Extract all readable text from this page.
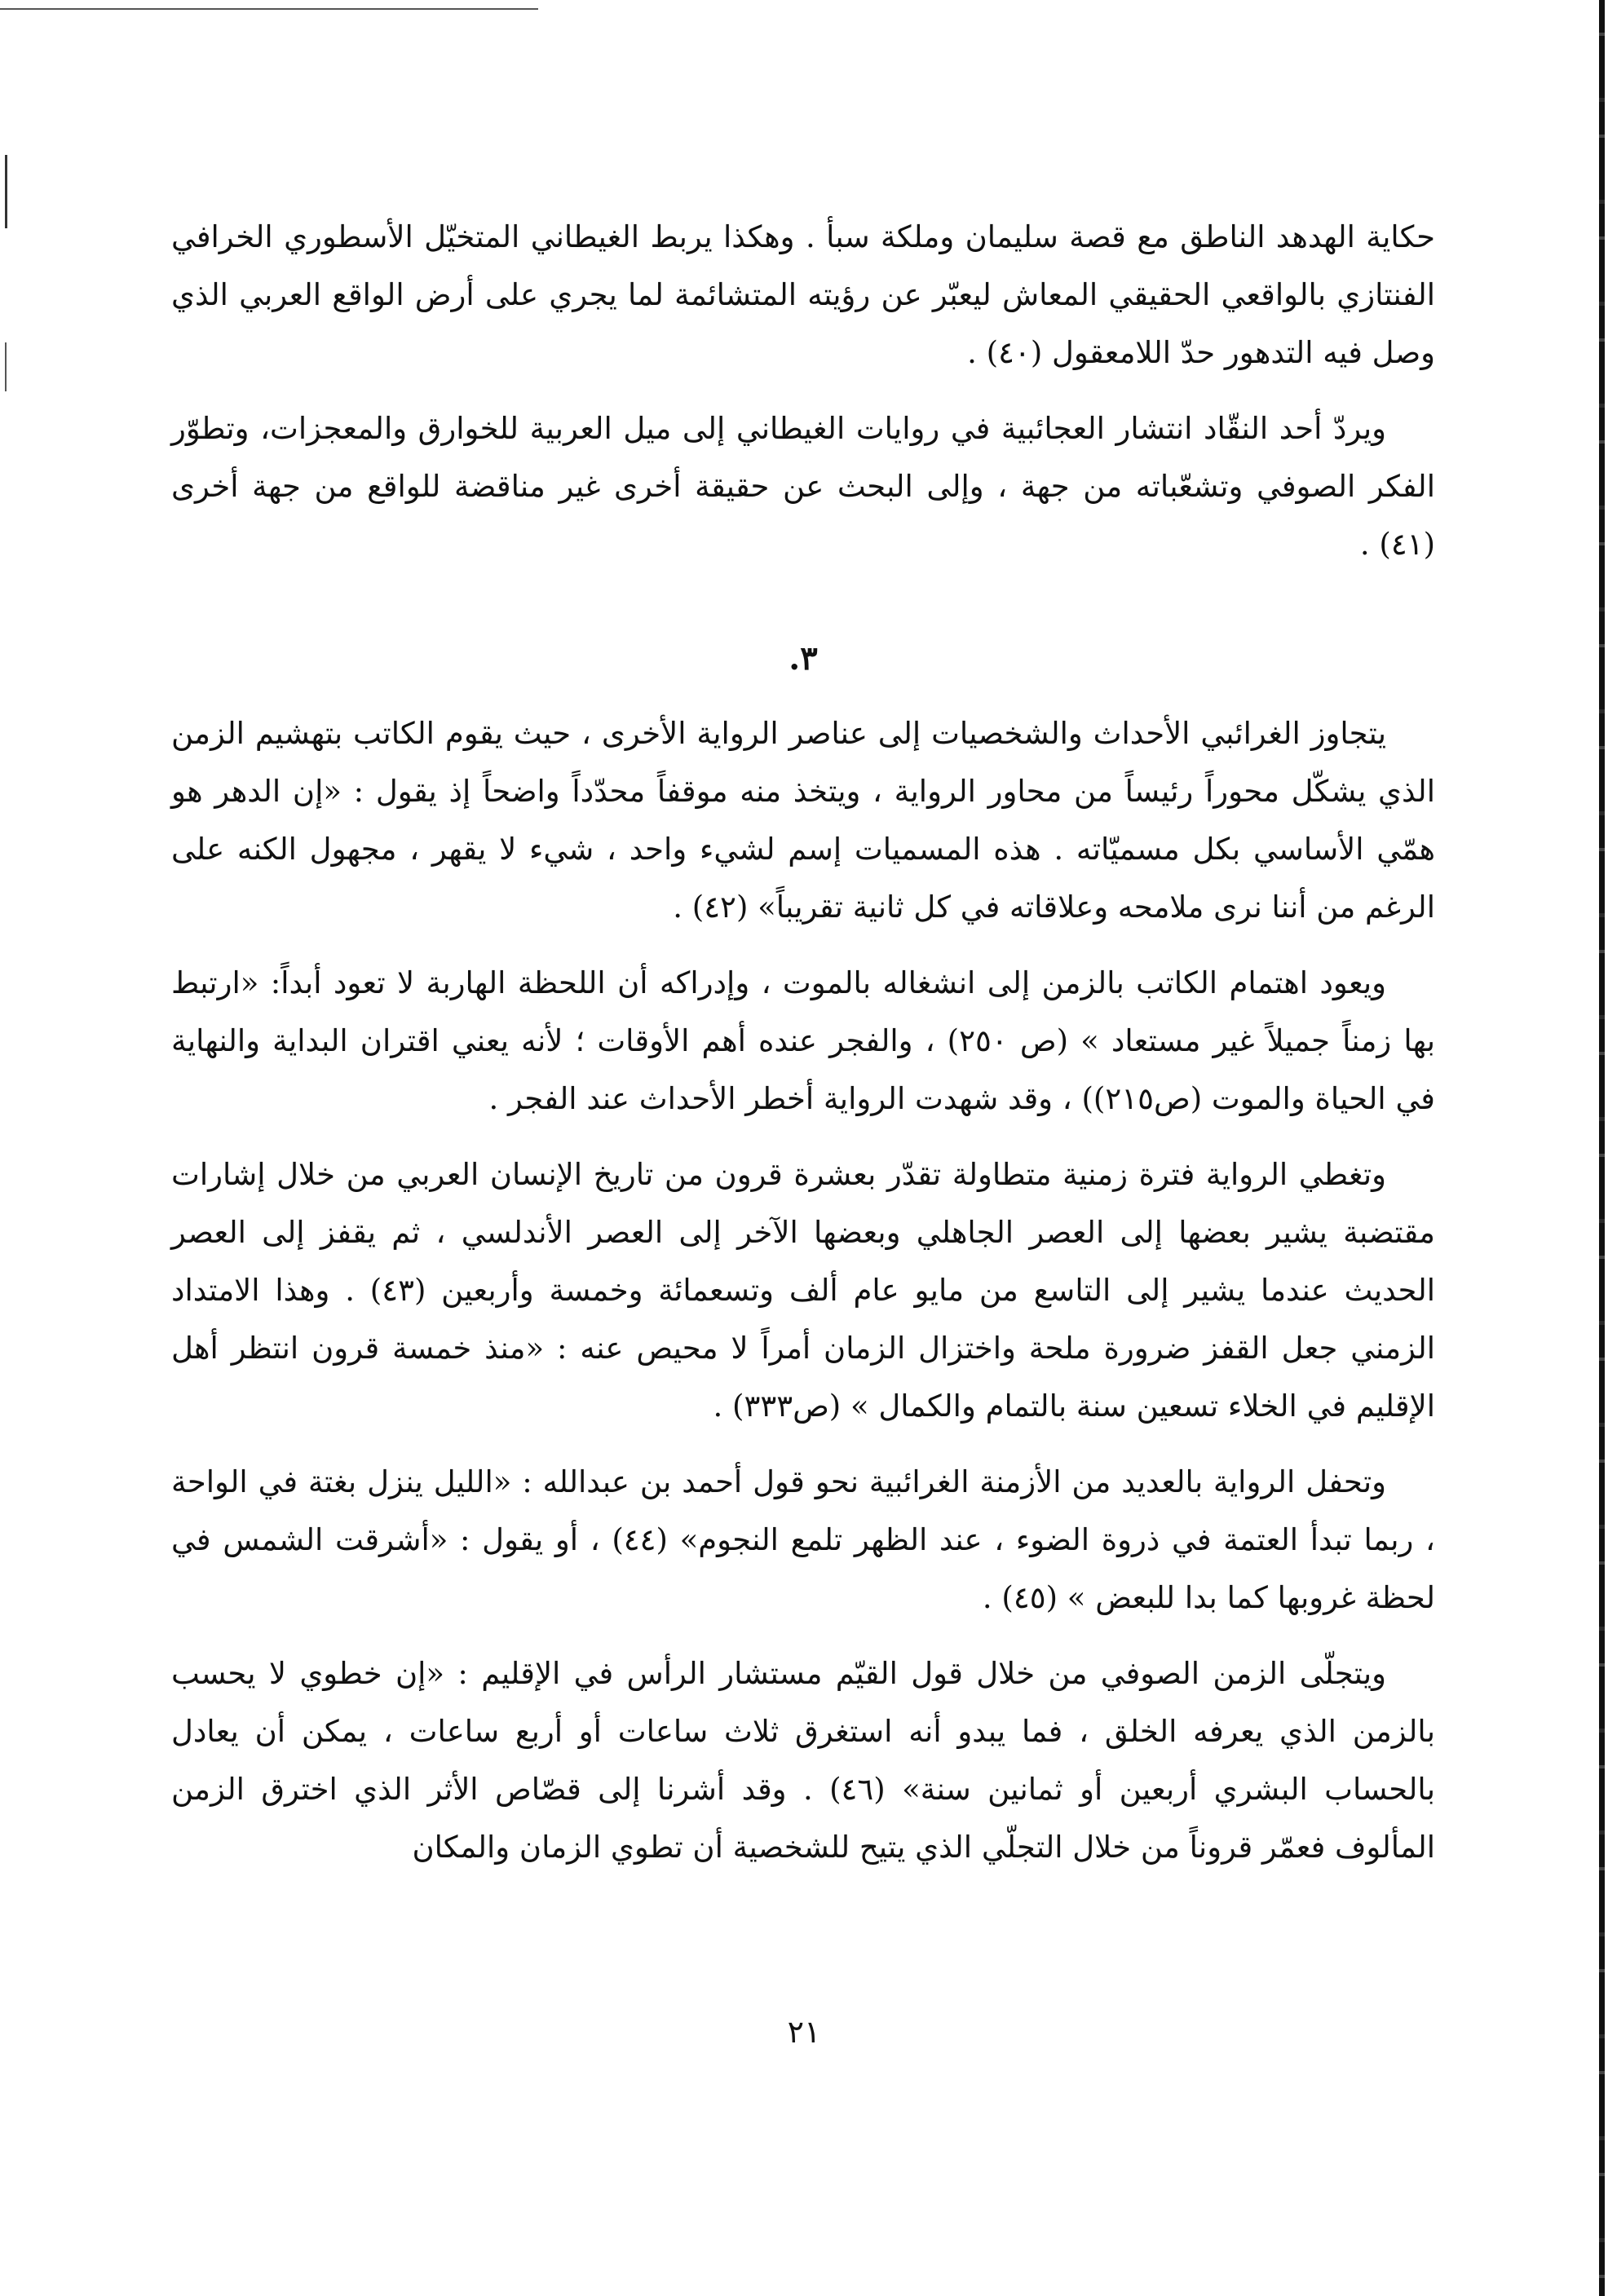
حكاية الهدهد الناطق مع قصة سليمان وملكة سبأ . وهكذا يربط الغيطاني المتخيّل الأسطوري الخرافي الفنتازي بالواقعي الحقيقي المعاش ليعبّر عن رؤيته المتشائمة لما يجري على أرض الواقع العربي الذي وصل فيه التدهور حدّ اللامعقول (٤٠) .

ويردّ أحد النقّاد انتشار العجائبية في روايات الغيطاني إلى ميل العربية للخوارق والمعجزات، وتطوّر الفكر الصوفي وتشعّباته من جهة ، وإلى البحث عن حقيقة أخرى غير مناقضة للواقع من جهة أخرى (٤١) .

٣.

يتجاوز الغرائبي الأحداث والشخصيات إلى عناصر الرواية الأخرى ، حيث يقوم الكاتب بتهشيم الزمن الذي يشكّل محوراً رئيساً من محاور الرواية ، ويتخذ منه موقفاً محدّداً واضحاً إذ يقول : «إن الدهر هو همّي الأساسي بكل مسميّاته . هذه المسميات إسم لشيء واحد ، شيء لا يقهر ، مجهول الكنه على الرغم من أننا نرى ملامحه وعلاقاته في كل ثانية تقريباً» (٤٢) .

ويعود اهتمام الكاتب بالزمن إلى انشغاله بالموت ، وإدراكه أن اللحظة الهاربة لا تعود أبداً: «ارتبط بها زمناً جميلاً غير مستعاد » (ص ٢٥٠) ، والفجر عنده أهم الأوقات ؛ لأنه يعني اقتران البداية والنهاية في الحياة والموت (ص٢١٥)) ، وقد شهدت الرواية أخطر الأحداث عند الفجر .

وتغطي الرواية فترة زمنية متطاولة تقدّر بعشرة قرون من تاريخ الإنسان العربي من خلال إشارات مقتضبة يشير بعضها إلى العصر الجاهلي وبعضها الآخر إلى العصر الأندلسي ، ثم يقفز إلى العصر الحديث عندما يشير إلى التاسع من مايو عام ألف وتسعمائة وخمسة وأربعين (٤٣) . وهذا الامتداد الزمني جعل القفز ضرورة ملحة واختزال الزمان أمراً لا محيص عنه : «منذ خمسة قرون انتظر أهل الإقليم في الخلاء تسعين سنة بالتمام والكمال » (ص٣٣٣) .

وتحفل الرواية بالعديد من الأزمنة الغرائبية نحو قول أحمد بن عبدالله : «الليل ينزل بغتة في الواحة ، ربما تبدأ العتمة في ذروة الضوء ، عند الظهر تلمع النجوم» (٤٤) ، أو يقول : «أشرقت الشمس في لحظة غروبها كما بدا للبعض » (٤٥) .

ويتجلّى الزمن الصوفي من خلال قول القيّم مستشار الرأس في الإقليم : «إن خطوي لا يحسب بالزمن الذي يعرفه الخلق ، فما يبدو أنه استغرق ثلاث ساعات أو أربع ساعات ، يمكن أن يعادل بالحساب البشري أربعين أو ثمانين سنة» (٤٦) . وقد أشرنا إلى قصّاص الأثر الذي اخترق الزمن المألوف فعمّر قروناً من خلال التجلّي الذي يتيح للشخصية أن تطوي الزمان والمكان

٢١
